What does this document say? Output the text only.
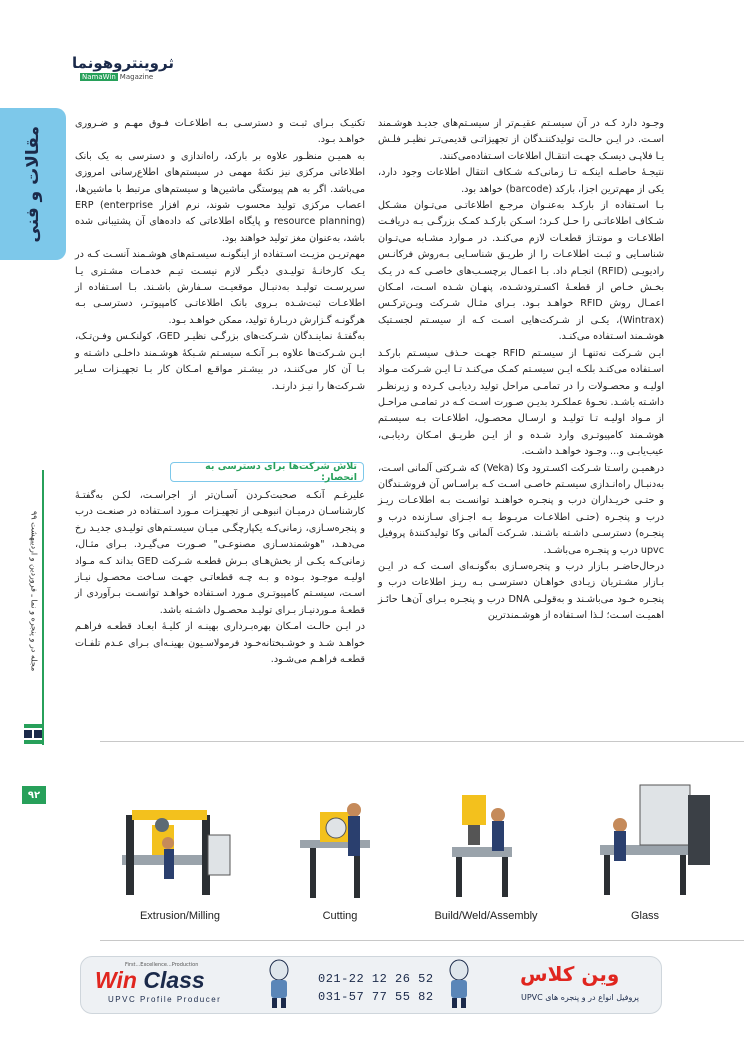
ثروینتروهونما
NamaWin Magazine
مقالات و فنی
مجله در و پنجره و نما ـ فروردین و اردیبهشت ۹۹
۹۲

وجـود دارد کـه در آن سیسـتم عقیـم‌تر از سیسـتم‌های جدیـد هوشـمند اسـت. در ایـن حالـت تولیدکننـدگان از تجهیزاتـی قدیمی‌تـر نظیـر فلـش یـا فلاپـی دیسـک جهـت انتقـال اطلاعات اسـتفاده‌می‌کنند.

نتیجـهٔ حاصلـه اینکـه تـا زمانی‌کـه شـکاف انتقال اطلاعات وجود دارد، یکی از مهم‌ترین اجزا، بارکد (barcode) خواهد بود.

بـا اسـتفاده از بارکـد به‌عنـوان مرجـع اطلاعاتـی می‌تـوان مشـکل شـکاف اطلاعاتـی را حـل کـرد؛ اسـکن بارکـد کمـک بزرگـی بـه دریافـت اطلاعـات و مونتـاژ قطعـات لازم می‌کنـد. در مـوارد مشـابه می‌تـوان شناسـایی و ثبـت اطلاعـات را از طریـق شناسـایی بـه‌روش فرکانـس رادیویـی (RFID) انجـام داد. بـا اعمـال برچسـب‌های خاصـی کـه در یـک بخـش خـاص از قطعـهٔ اکسـترود‌شـده، پنهـان شـده اسـت، امـکان اعمـال روش RFID خواهـد بـود. بـرای مثـال شـرکت ویـن‌ترکـس (Wintrax)، یکـی از شـرکت‌هایی اسـت کـه از سیسـتم لجسـتیک هوشـمند اسـتفاده می‌کنـد.

ایـن شـرکت نه‌تنهـا از سیسـتم RFID جهـت حـذف سیسـتم بارکـد اسـتفاده می‌کنـد بلکـه ایـن سیسـتم کمـک می‌کنـد تـا ایـن شـرکت مـواد اولیـه و محصـولات را در تمامـی مراحل تولید ردیابـی کـرده و زیرنظـر داشـته باشـد. نحـوهٔ عملکـرد بدیـن صـورت اسـت کـه در تمامـی مراحـل از مـواد اولیـه تـا تولیـد و ارسـال محصـول، اطلاعـات بـه سیسـتم هوشـمند کامپیوتـری وارد شـده و از ایـن طریـق امـکان ردیابـی، عیب‌یابـی و... وجـود خواهـد داشـت.

درهمیـن راسـتا شـرکت اکسـترود وکا (Veka) که شـرکتی آلمانی اسـت، به‌دنبـال راه‌انـدازی سیسـتم خاصـی اسـت کـه براسـاس آن فروشـندگان و حتـی خریـداران درب و پنجـره خواهنـد توانسـت بـه اطلاعـات ریـز درب و پنجـره (حتـی اطلاعـات مربـوط بـه اجـزای سـازنده درب و پنجـره) دسترسـی داشـته باشـند. شـرکت آلمانی وکا تولیدکنندهٔ پروفیل upvc درب و پنجـره می‌باشـد.

درحال‌حاضـر بـازار درب و پنجره‌سـازی به‌گونـه‌ای اسـت کـه در ایـن بـازار مشـتریان زیـادی خواهـان دسترسـی بـه ریـز اطلاعات درب و پنجـره خـود می‌باشـند و به‌قولـی DNA درب و پنجـره بـرای آن‌هـا حائـز اهمیـت اسـت؛ لـذا اسـتفاده از هوشـمندترین

تکنیـک بـرای ثبـت و دسترسـی بـه اطلاعـات فـوق مهـم و ضـروری خواهـد بـود.

به همیـن منظـور علاوه بر بارکد، راه‌اندازی و دسترسی به یک بانک اطلاعاتی مرکزی نیز نکتهٔ مهمی در سیستم‌های اطلاع‌رسانی امروزی می‌باشد. اگر به هم پیوستگی ماشین‌ها و سیستم‌های مرتبط با ماشین‌ها، اعصاب مرکزی تولید محسوب شوند، نرم افزار ERP (enterprise resource planning) و پایگاه اطلاعاتی که داده‌های آن پشتیبانی شده باشد، به‌عنوان مغز تولید خواهند بود.

مهم‌تریـن مزیـت اسـتفاده از اینگونـه سیسـتم‌های هوشـمند آنسـت کـه در یـک کارخانـهٔ تولیـدی دیگـر لازم نیسـت تیـم خدمـات مشـتری یـا سرپرسـت تولیـد به‌دنبـال موقعیـت سـفارش باشـند. بـا اسـتفاده از اطلاعـات ثبت‌شـده بـروی بانک اطلاعاتـی کامپیوتـر، دسترسـی بـه هرگونـه گـزارش دربـارهٔ تولید، ممکن خواهـد بـود.

به‌گفتـهٔ نماینـدگان شـرکت‌های بزرگـی نظیـر GED، کولنکـس وفـن‌تـک، ایـن شـرکت‌ها علاوه بـر آنکـه سیسـتم شـبکهٔ هوشـمند داخلـی داشـته و بـا آن کار می‌کننـد، در بیشـتر مواقـع امـکان کار بـا تجهیـزات سـایر شـرکت‌ها را نیـز دارنـد.

تلاش شرکت‌ها برای دسترسی به انحصار:

علیرغـم آنکـه صحبت‌کـردن آسـان‌تر از اجراسـت، لکـن به‌گفتـهٔ کارشناسـان درمیـان انبوهـی از تجهیـزات مـورد اسـتفاده در صنعـت درب و پنجره‌سـازی، زمانی‌کـه یکپارچگـی میـان سیسـتم‌های تولیـدی جدیـد رخ می‌دهـد، "هوشمندسـازی مصنوعـی" صـورت می‌گیـرد. بـرای مثـال، زمانی‌کـه یکـی از بخش‌هـای بـرش قطعـه شـرکت GED بداند کـه مـواد اولیـه موجـود بـوده و بـه چـه قطعاتـی جهـت سـاخت محصـول نیـاز اسـت، سیسـتم کامپیوتـری مـورد اسـتفاده خواهـد توانسـت بـرآوردی از قطعـهٔ مـورد‌نیـاز بـرای تولیـد محصـول داشـته باشد.

در ایـن حالـت امـکان بهره‌بـرداری بهینـه از کلیـهٔ ابعـاد قطعـه فراهـم خواهـد شـد و خوشـبختانه‌خـود فرمولاسـیون بهینـه‌ای بـرای عـدم تلفـات قطعـه فراهـم می‌شـود.

Extrusion/Milling	Cutting	Build/Weld/Assembly	Glass
First...Excellence...Production
Win Class
UPVC Profile Producer
021-22 12 26 52
031-57 77 55 82
وین کلاس
پروفیل انواع در و پنجره های UPVC
